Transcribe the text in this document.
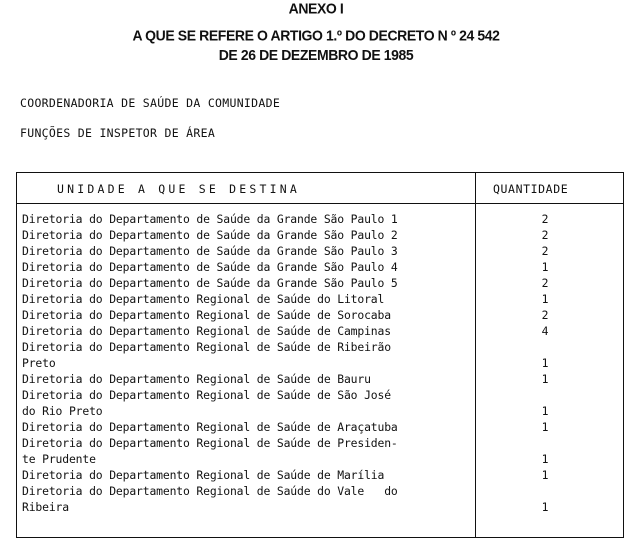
ANEXO I
A QUE SE REFERE O ARTIGO 1.º DO DECRETO N º 24 542
DE 26 DE DEZEMBRO DE 1985
COORDENADORIA DE SAÚDE DA COMUNIDADE
FUNÇÕES DE INSPETOR DE ÁREA
UNIDADE A QUE SE DESTINA	QUANTIDADE
Diretoria do Departamento de Saúde da Grande São Paulo 1	2
Diretoria do Departamento de Saúde da Grande São Paulo 2	2
Diretoria do Departamento de Saúde da Grande São Paulo 3	2
Diretoria do Departamento de Saúde da Grande São Paulo 4	1
Diretoria do Departamento de Saúde da Grande São Paulo 5	2
Diretoria do Departamento Regional de Saúde do Litoral	1
Diretoria do Departamento Regional de Saúde de Sorocaba	2
Diretoria do Departamento Regional de Saúde de Campinas	4
Diretoria do Departamento Regional de Saúde de Ribeirão
Preto	1
Diretoria do Departamento Regional de Saúde de Bauru	1
Diretoria do Departamento Regional de Saúde de São José
do Rio Preto	1
Diretoria do Departamento Regional de Saúde de Araçatuba	1
Diretoria do Departamento Regional de Saúde de Presiden-
te Prudente	1
Diretoria do Departamento Regional de Saúde de Marília	1
Diretoria do Departamento Regional de Saúde do Vale   do
Ribeira	1
